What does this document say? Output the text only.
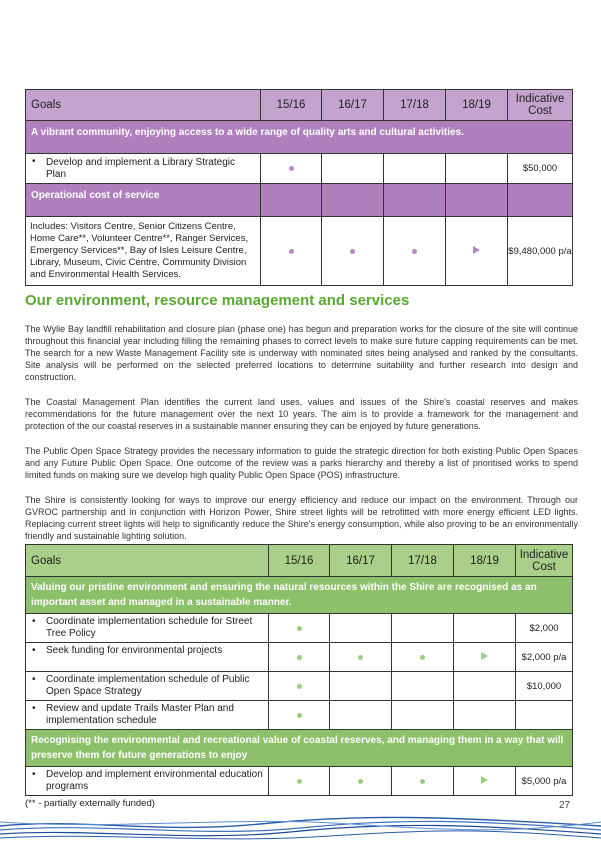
Goals	15/16	16/17	17/18	18/19	Indicative Cost
A vibrant community, enjoying access to a wide range of quality arts and cultural activities.					
• Develop and implement a Library Strategic Plan					$50,000
Operational cost of service					
Includes: Visitors Centre, Senior Citizens Centre, Home Care**, Volunteer Centre**, Ranger Services, Emergency Services**, Bay of Isles Leisure Centre, Library, Museum, Civic Centre, Community Division and Environmental Health Services.					$9,480,000 p/a
Our environment, resource management and services

The Wylie Bay landfill rehabilitation and closure plan (phase one) has begun and preparation works for the closure of the site will continue throughout this financial year including filling the remaining phases to correct levels to make sure future capping requirements can be met. The search for a new Waste Management Facility site is underway with nominated sites being analysed and ranked by the consultants. Site analysis will be performed on the selected preferred locations to determine suitability and further research into design and construction.

The Coastal Management Plan identifies the current land uses, values and issues of the Shire's coastal reserves and makes recommendations for the future management over the next 10 years. The aim is to provide a framework for the management and protection of the our coastal reserves in a sustainable manner ensuring they can be enjoyed by future generations.

The Public Open Space Strategy provides the necessary information to guide the strategic direction for both existing Public Open Spaces and any Future Public Open Space. One outcome of the review was a parks hierarchy and thereby a list of prioritised works to spend limited funds on making sure we develop high quality Public Open Space (POS) infrastructure.

The Shire is consistently looking for ways to improve our energy efficiency and reduce our impact on the environment. Through our GVROC partnership and in conjunction with Horizon Power, Shire street lights will be retrofitted with more energy efficient LED lights. Replacing current street lights will help to significantly reduce the Shire's energy consumption, while also proving to be an environmentally friendly and sustainable lighting solution.

Goals	15/16	16/17	17/18	18/19	Indicative Cost
Valuing our pristine environment and ensuring the natural resources within the Shire are recognised as an important asset and managed in a sustainable manner.					
• Coordinate implementation schedule for Street Tree Policy					$2,000
• Seek funding for environmental projects					$2,000 p/a
• Coordinate implementation schedule of Public Open Space Strategy					$10,000
• Review and update Trails Master Plan and implementation schedule					
Recognising the environmental and recreational value of coastal reserves, and managing them in a way that will preserve them for future generations to enjoy					
• Develop and implement environmental education programs					$5,000 p/a
(** - partially externally funded)	27
